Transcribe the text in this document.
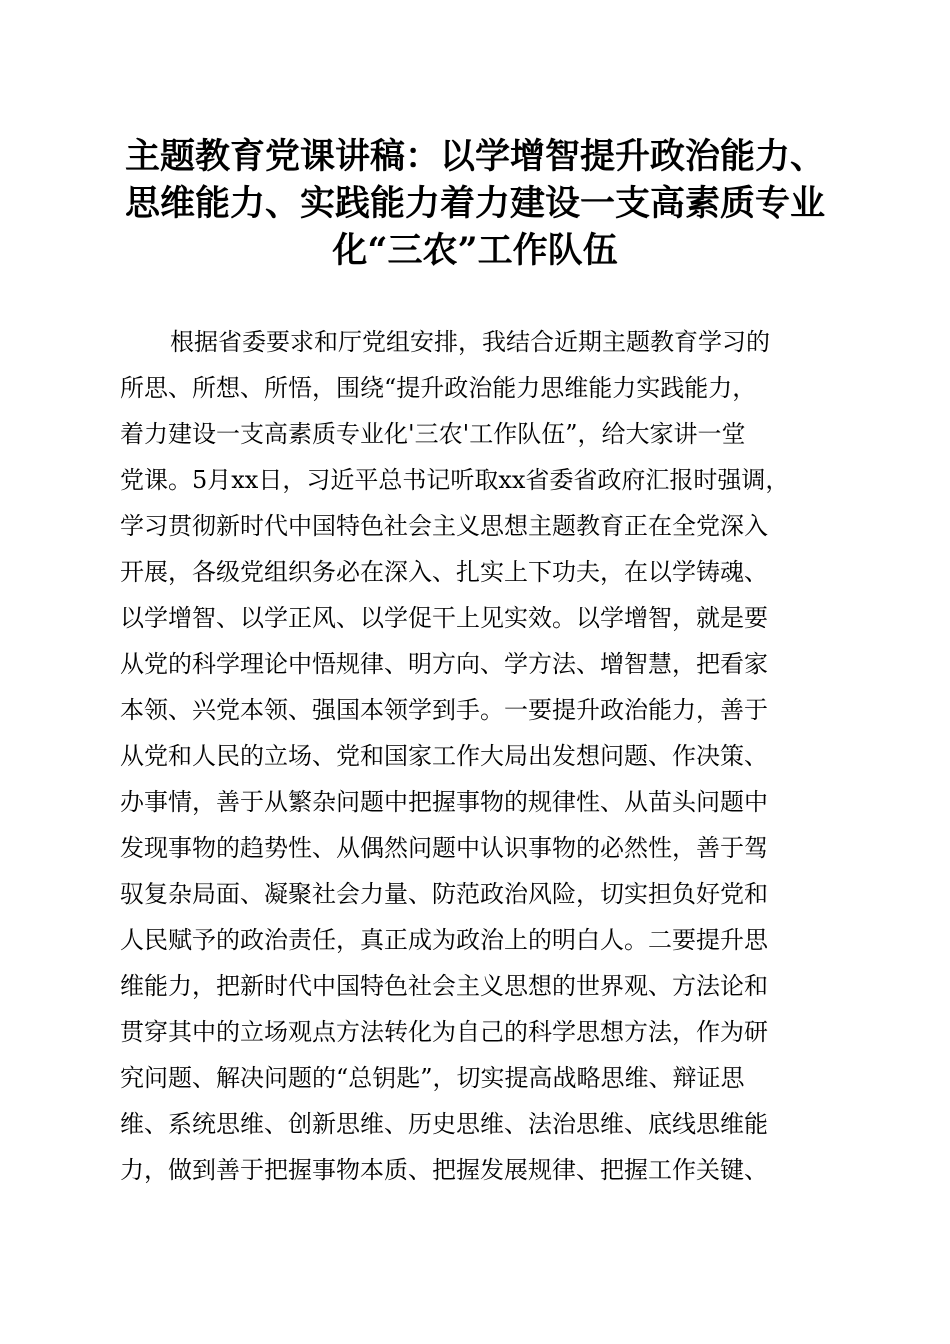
主题教育党课讲稿：以学增智提升政治能力、
思维能力、实践能力着力建设一支高素质专业
化“三农”工作队伍
根据省委要求和厅党组安排，我结合近期主题教育学习的
所思、所想、所悟，围绕“提升政治能力思维能力实践能力，
着力建设一支高素质专业化'三农'工作队伍”，给大家讲一堂
党课。5月xx日，习近平总书记听取xx省委省政府汇报时强调，
学习贯彻新时代中国特色社会主义思想主题教育正在全党深入
开展，各级党组织务必在深入、扎实上下功夫，在以学铸魂、
以学增智、以学正风、以学促干上见实效。以学增智，就是要
从党的科学理论中悟规律、明方向、学方法、增智慧，把看家
本领、兴党本领、强国本领学到手。一要提升政治能力，善于
从党和人民的立场、党和国家工作大局出发想问题、作决策、
办事情，善于从繁杂问题中把握事物的规律性、从苗头问题中
发现事物的趋势性、从偶然问题中认识事物的必然性，善于驾
驭复杂局面、凝聚社会力量、防范政治风险，切实担负好党和
人民赋予的政治责任，真正成为政治上的明白人。二要提升思
维能力，把新时代中国特色社会主义思想的世界观、方法论和
贯穿其中的立场观点方法转化为自己的科学思想方法，作为研
究问题、解决问题的“总钥匙”，切实提高战略思维、辩证思
维、系统思维、创新思维、历史思维、法治思维、底线思维能
力，做到善于把握事物本质、把握发展规律、把握工作关键、
